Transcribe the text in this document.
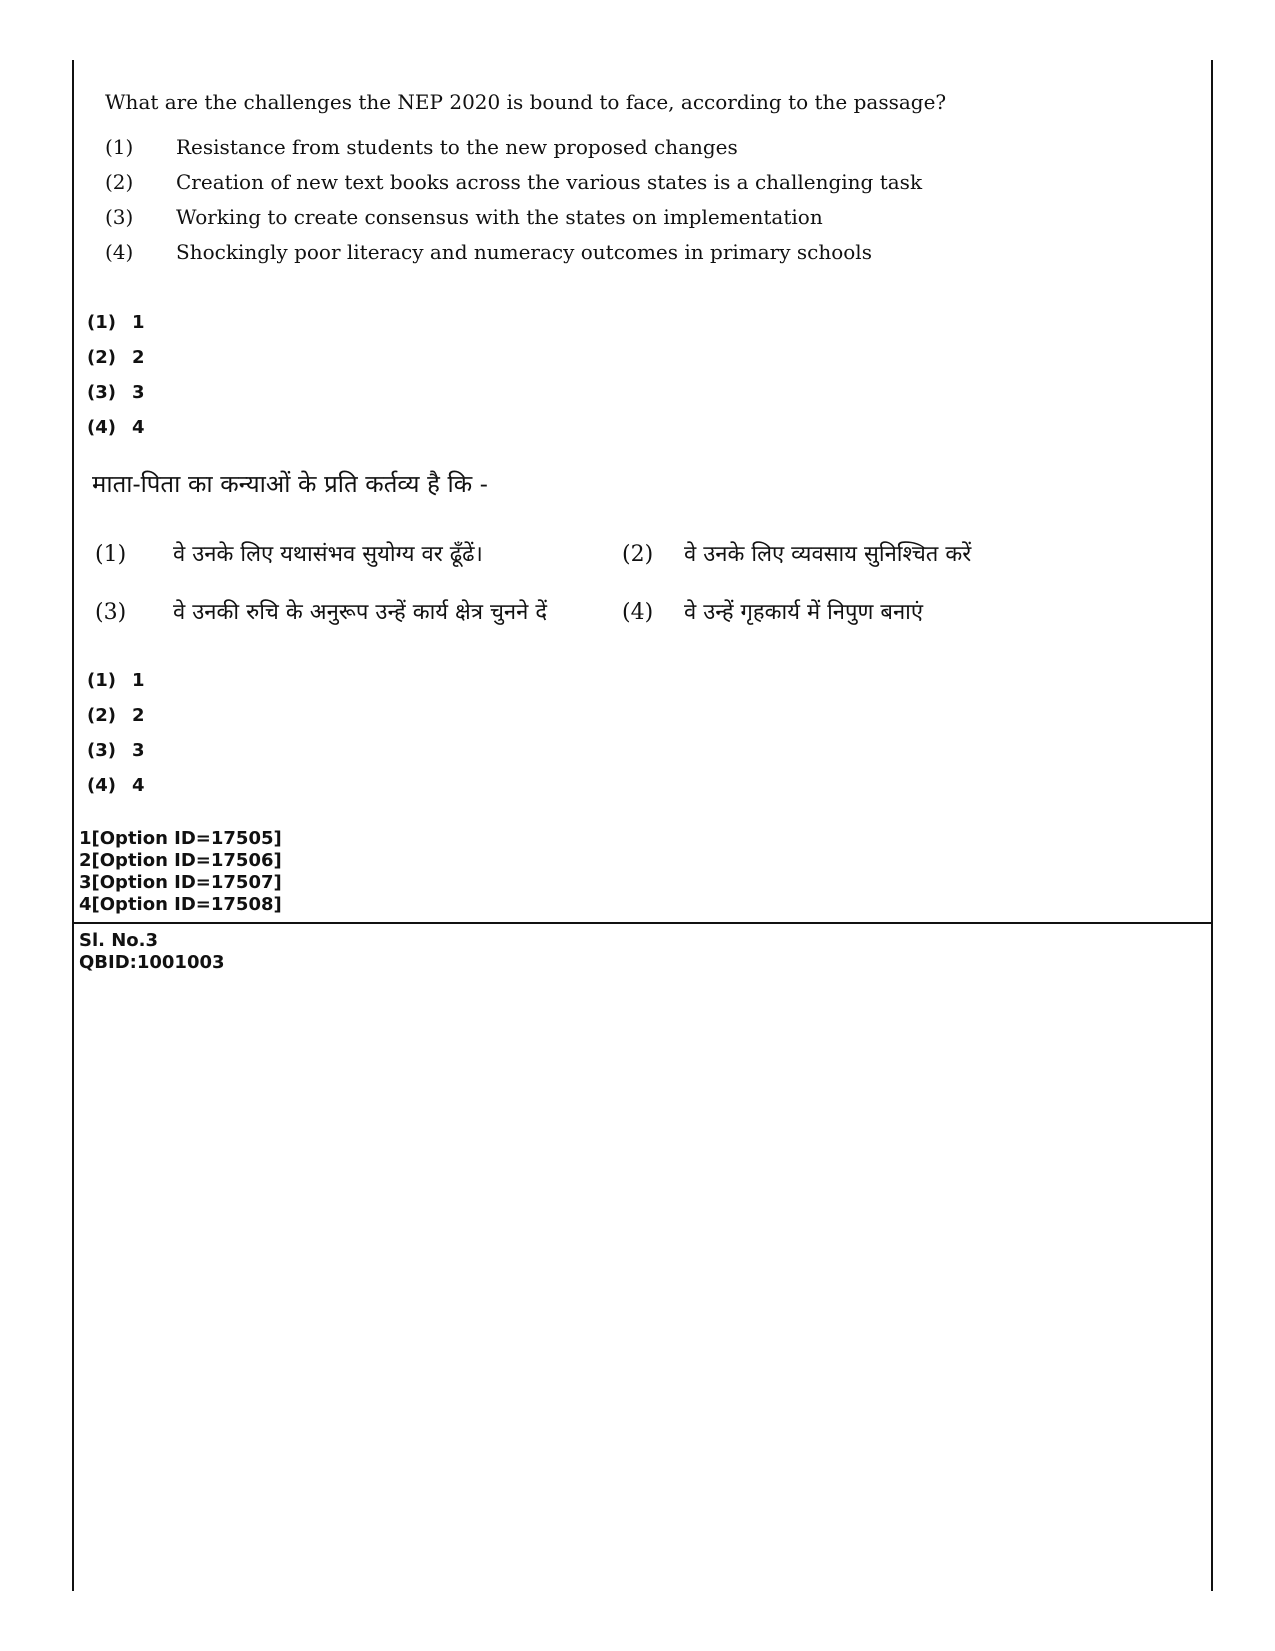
What are the challenges the NEP 2020 is bound to face, according to the passage?
(1) Resistance from students to the new proposed changes
(2) Creation of new text books across the various states is a challenging task
(3) Working to create consensus with the states on implementation
(4) Shockingly poor literacy and numeracy outcomes in primary schools
(1) 1
(2) 2
(3) 3
(4) 4
माता-पिता का कन्याओं के प्रति कर्तव्य है कि -
(1) वे उनके लिए यथासंभव सुयोग्य वर ढूँढें।	(2) वे उनके लिए व्यवसाय सुनिश्चित करें
(3) वे उनकी रुचि के अनुरूप उन्हें कार्य क्षेत्र चुनने दें	(4) वे उन्हें गृहकार्य में निपुण बनाएं
(1) 1
(2) 2
(3) 3
(4) 4
1[Option ID=17505]
2[Option ID=17506]
3[Option ID=17507]
4[Option ID=17508]
Sl. No.3
QBID:1001003
